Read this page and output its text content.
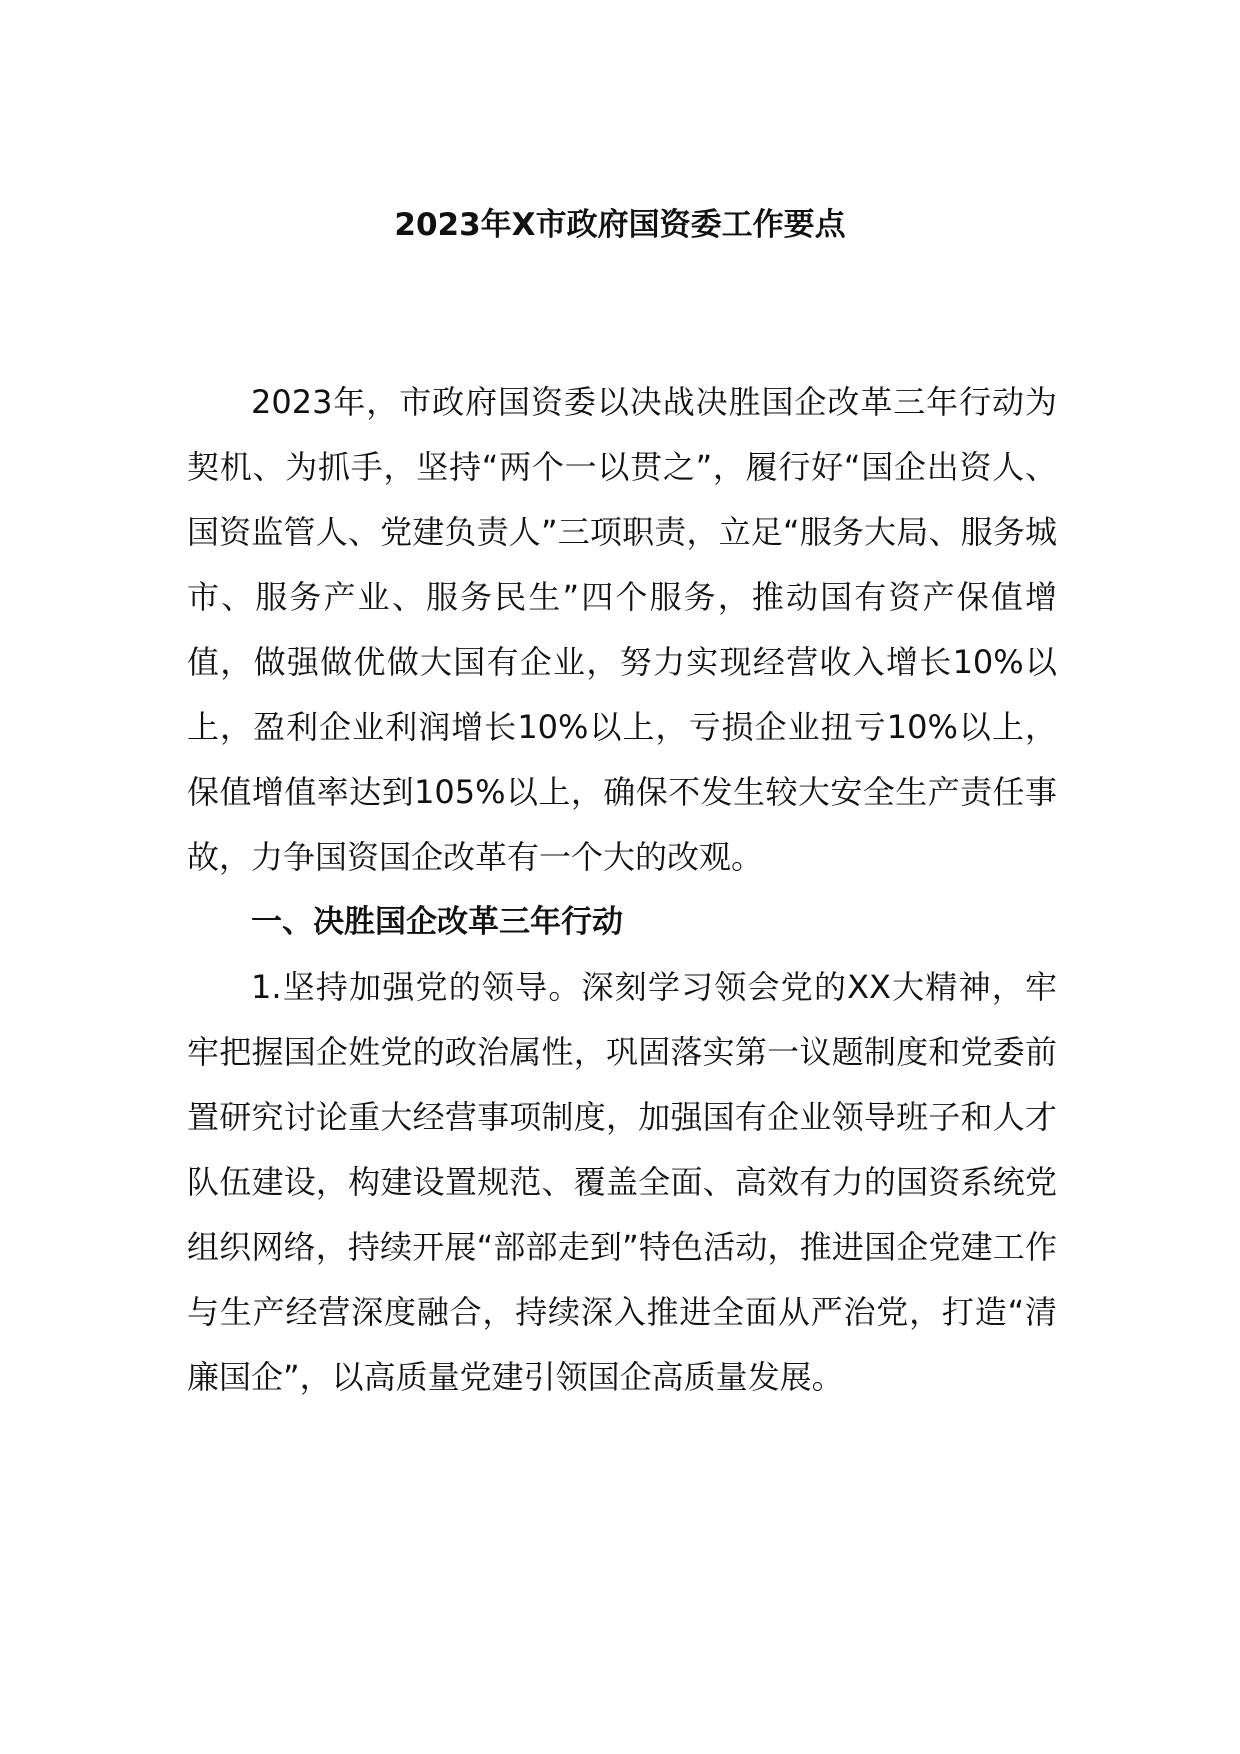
2023年X市政府国资委工作要点

2023年，市政府国资委以决战决胜国企改革三年行动为契机、为抓手，坚持“两个一以贯之”，履行好“国企出资人、国资监管人、党建负责人”三项职责，立足“服务大局、服务城市、服务产业、服务民生”四个服务，推动国有资产保值增值，做强做优做大国有企业，努力实现经营收入增长10%以上，盈利企业利润增长10%以上，亏损企业扭亏10%以上，保值增值率达到105%以上，确保不发生较大安全生产责任事故，力争国资国企改革有一个大的改观。

一、决胜国企改革三年行动

1.坚持加强党的领导。深刻学习领会党的XX大精神，牢牢把握国企姓党的政治属性，巩固落实第一议题制度和党委前置研究讨论重大经营事项制度，加强国有企业领导班子和人才队伍建设，构建设置规范、覆盖全面、高效有力的国资系统党组织网络，持续开展“部部走到”特色活动，推进国企党建工作与生产经营深度融合，持续深入推进全面从严治党，打造“清廉国企”，以高质量党建引领国企高质量发展。
